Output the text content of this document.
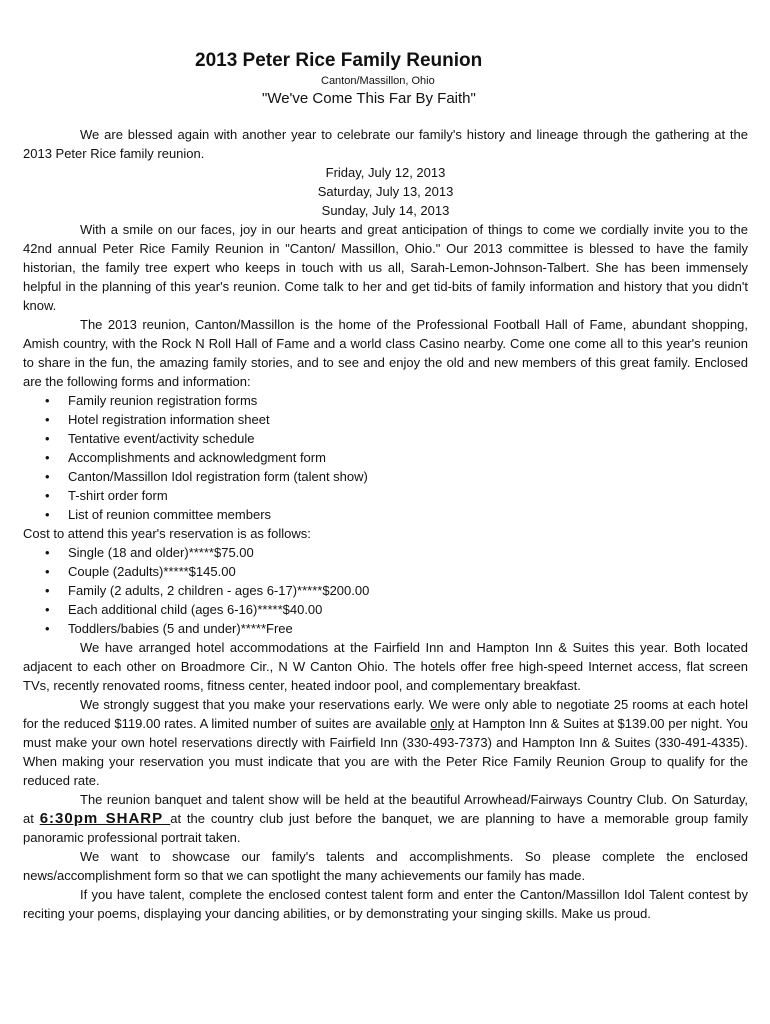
2013 Peter Rice Family Reunion
Canton/Massillon, Ohio
"We've Come This Far By Faith"

We are blessed again with another year to celebrate our family's history and lineage through the gathering at the 2013 Peter Rice family reunion.

Friday, July 12, 2013
Saturday, July 13, 2013
Sunday, July 14, 2013

With a smile on our faces, joy in our hearts and great anticipation of things to come we cordially invite you to the 42nd annual Peter Rice Family Reunion in "Canton/ Massillon, Ohio." Our 2013 committee is blessed to have the family historian, the family tree expert who keeps in touch with us all, Sarah-Lemon-Johnson-Talbert. She has been immensely helpful in the planning of this year's reunion. Come talk to her and get tid-bits of family information and history that you didn't know.

The 2013 reunion, Canton/Massillon is the home of the Professional Football Hall of Fame, abundant shopping, Amish country, with the Rock N Roll Hall of Fame and a world class Casino nearby. Come one come all to this year's reunion to share in the fun, the amazing family stories, and to see and enjoy the old and new members of this great family. Enclosed are the following forms and information:

• Family reunion registration forms
• Hotel registration information sheet
• Tentative event/activity schedule
• Accomplishments and acknowledgment form
• Canton/Massillon Idol registration form (talent show)
• T-shirt order form
• List of reunion committee members

Cost to attend this year's reservation is as follows:

• Single (18 and older)*****$75.00
• Couple (2adults)*****$145.00
• Family (2 adults, 2 children - ages 6-17)*****$200.00
• Each additional child (ages 6-16)*****$40.00
• Toddlers/babies (5 and under)*****Free

We have arranged hotel accommodations at the Fairfield Inn and Hampton Inn & Suites this year. Both located adjacent to each other on Broadmore Cir., N W Canton Ohio. The hotels offer free high-speed Internet access, flat screen TVs, recently renovated rooms, fitness center, heated indoor pool, and complementary breakfast.

We strongly suggest that you make your reservations early. We were only able to negotiate 25 rooms at each hotel for the reduced $119.00 rates. A limited number of suites are available only at Hampton Inn & Suites at $139.00 per night. You must make your own hotel reservations directly with Fairfield Inn (330-493-7373) and Hampton Inn & Suites (330-491-4335). When making your reservation you must indicate that you are with the Peter Rice Family Reunion Group to qualify for the reduced rate.

The reunion banquet and talent show will be held at the beautiful Arrowhead/Fairways Country Club. On Saturday, at 6:30pm SHARP at the country club just before the banquet, we are planning to have a memorable group family panoramic professional portrait taken.

We want to showcase our family's talents and accomplishments. So please complete the enclosed news/accomplishment form so that we can spotlight the many achievements our family has made.

If you have talent, complete the enclosed contest talent form and enter the Canton/Massillon Idol Talent contest by reciting your poems, displaying your dancing abilities, or by demonstrating your singing skills. Make us proud.
